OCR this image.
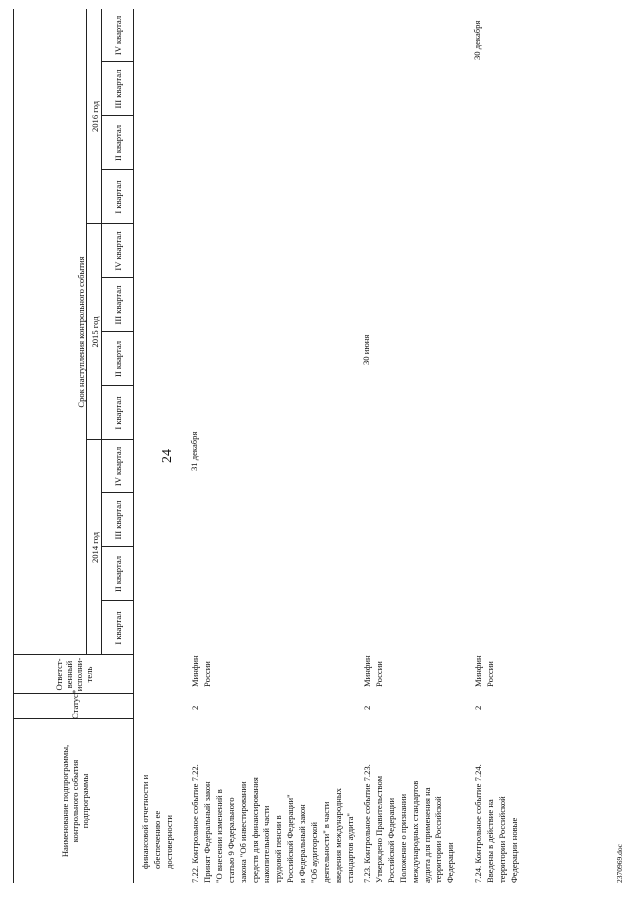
24
2370969.doc
Наименование подпрограммы,
контрольного события
подпрограммы
Статус*
Ответст-
венный
исполни-
тель
Срок наступления контрольного события
2014 год
2015 год
2016 год
I квартал
II квартал
III квартал
IV квартал
I квартал
II квартал
III квартал
IV квартал
I квартал
II квартал
III квартал
IV квартал
финансовой отчетности и
обеспечению ее
достоверности
7.22. Контрольное событие 7.22.
Принят Федеральный закон
"О внесении изменений в
статью 9 Федерального
закона "Об инвестировании
средств для финансирования
накопительной части
трудовой пенсии в
Российской Федерации"
и Федеральный закон
"Об аудиторской
деятельности" в части
введения международных
стандартов аудита"
2
Минфин
России
31 декабря
7.23. Контрольное событие 7.23.
Утверждено Правительством
Российской Федерации
Положение о признании
международных стандартов
аудита для применения на
территории Российской
Федерации
2
Минфин
России
30 июня
7.24. Контрольное событие 7.24.
Введены в действие на
территории Российской
Федерации новые
2
Минфин
России
30 декабря
